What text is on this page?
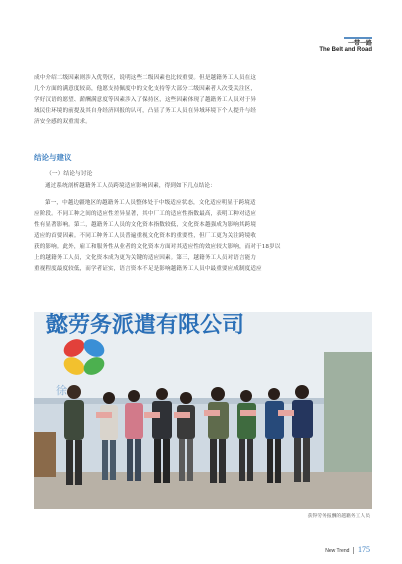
一带一路
The Belt and Road
成中介绍二级因素则涉入优势区，说明这些二级因素也比较重要。但是越籍务工人员在这
几个方面的满意度较高，他愿支持佩度中的文化支持等大部分二级因素者人次受关注区，
学好汉语的愿望、薪酬满意度等因素涉入了保持区，这些因素体现了越籍务工人员对于异
域民住环境的前提及其自身经济回报的认可，凸显了务工人员在异域环境下个人提升与经
济安全感的双重需求。
结论与建议
（一）结论与讨论
通过系统剖析越籍务工人员跨境适应影响因素，得到如下几点结论：
第一，中越边疆地区的越籍务工人员整体处于中级适应状态，文化适应明显于跨境适
应阶段。不同工种之间的适应性差异显著，其中厂工的适应性指数最高，表明工种对适应
性有显著影响。第二，越籍务工人员的文化资本指数较低，文化资本越强成为影响其跨境
适应的首要因素。不同工种务工人员普遍重视文化资本的重要性，但厂工更为关注跨境收
获的影响。此外，雇工和服务性从业者的文化资本方面对其适应性的效应较大影响，而对于18岁以
上的越籍务工人员，文化资本成为更为关键的适应因素。第三，越籍务工人员对语言能力
重视程度最度较低，而学者证实，语言资本不足是影响越籍务工人员中最重要应成制度适应
懿劳务派遣有限公司
徐
获得劳务报酬的越籍务工人员
New Trend 175
